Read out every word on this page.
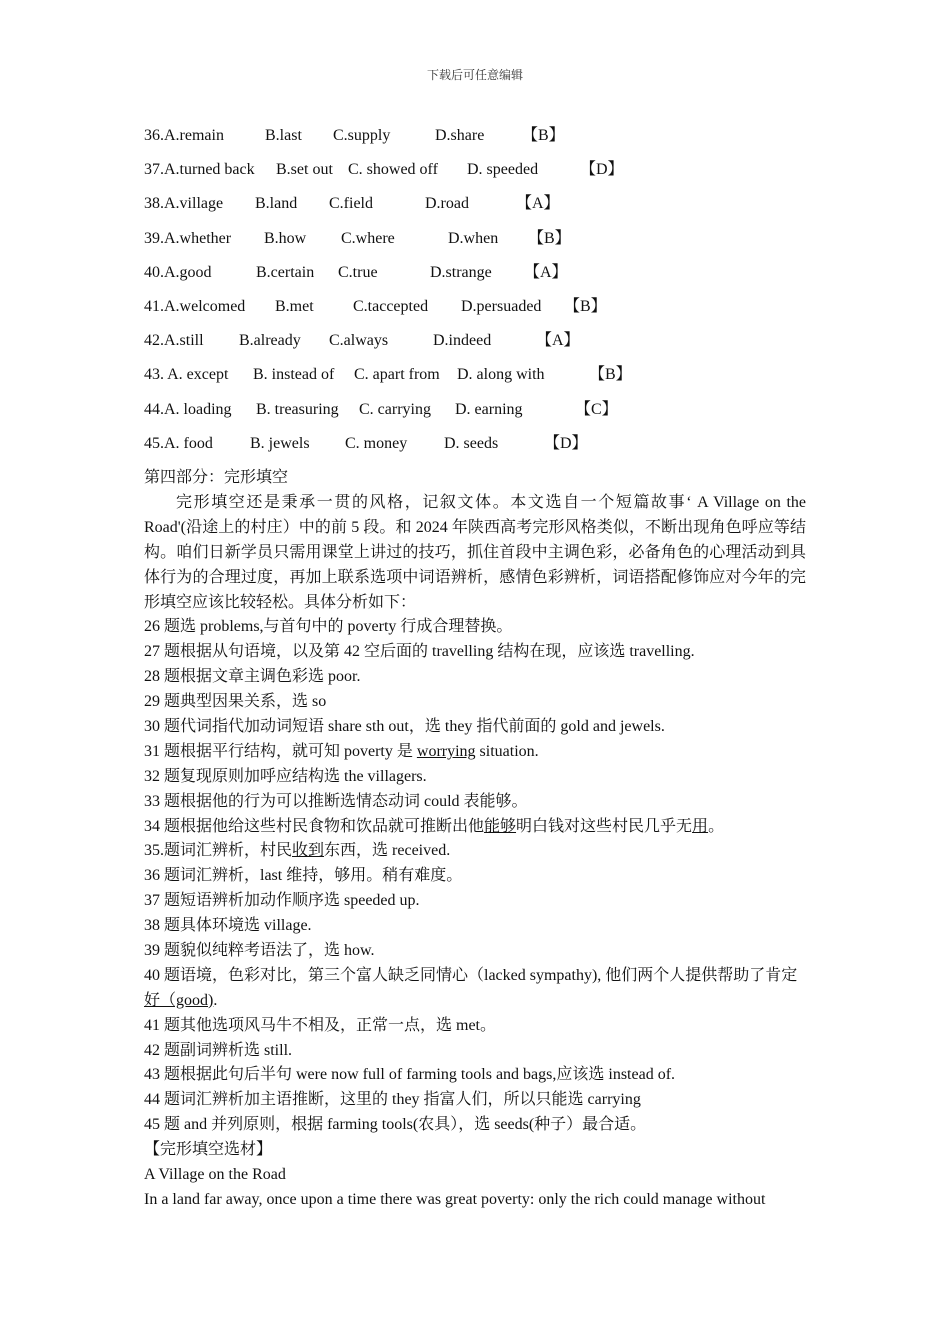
下载后可任意编辑
36.A.remain	B.last C.supply	D.share 【B】
37.A.turned back B.set out C. showed off D. speeded	【D】
38.A.village B.land C.field	D.road	【A】
39.A.whether B.how C.where	D.when 【B】
40.A.good	B.certain C.true	D.strange 【A】
41.A.welcomed B.met C.taccepted D.persuaded 【B】
42.A.still B.already C.always	D.indeed	【A】
43. A. except B. instead of C. apart from D. along with	【B】
44.A. loading B. treasuring C. carrying D. earning	【C】
45.A. food B. jewels C. money D. seeds	【D】
第四部分：完形填空
完形填空还是秉承一贯的风格，记叙文体。本文选自一个短篇故事‘ A Village on the Road'(沿途上的村庄）中的前 5 段。和 2024 年陕西高考完形风格类似，不断出现角色呼应等结构。咱们日新学员只需用课堂上讲过的技巧，抓住首段中主调色彩，必备角色的心理活动到具体行为的合理过度，再加上联系选项中词语辨析，感情色彩辨析，词语搭配修饰应对今年的完形填空应该比较轻松。具体分析如下：
26 题选 problems,与首句中的 poverty 行成合理替换。
27 题根据从句语境，以及第 42 空后面的 travelling 结构在现，应该选 travelling.
28 题根据文章主调色彩选 poor.
29 题典型因果关系，选 so
30 题代词指代加动词短语 share sth out，选 they 指代前面的 gold and jewels.
31 题根据平行结构，就可知 poverty 是 worrying situation.
32 题复现原则加呼应结构选 the villagers.
33 题根据他的行为可以推断选情态动词 could 表能够。
34 题根据他给这些村民食物和饮品就可推断出他能够明白钱对这些村民几乎无用。
35.题词汇辨析，村民收到东西，选 received.
36 题词汇辨析，last 维持，够用。稍有难度。
37 题短语辨析加动作顺序选 speeded up.
38 题具体环境选 village.
39 题貌似纯粹考语法了，选 how.
40 题语境，色彩对比，第三个富人缺乏同情心（lacked sympathy), 他们两个人提供帮助了肯定好（good).
41 题其他选项风马牛不相及，正常一点，选 met。
42 题副词辨析选 still.
43 题根据此句后半句 were now full of farming tools and bags,应该选 instead of.
44 题词汇辨析加主语推断，这里的 they 指富人们，所以只能选 carrying
45 题 and 并列原则，根据 farming tools(农具），选 seeds(种子）最合适。
【完形填空选材】
A Village on the Road
In a land far away, once upon a time there was great poverty: only the rich could manage without
